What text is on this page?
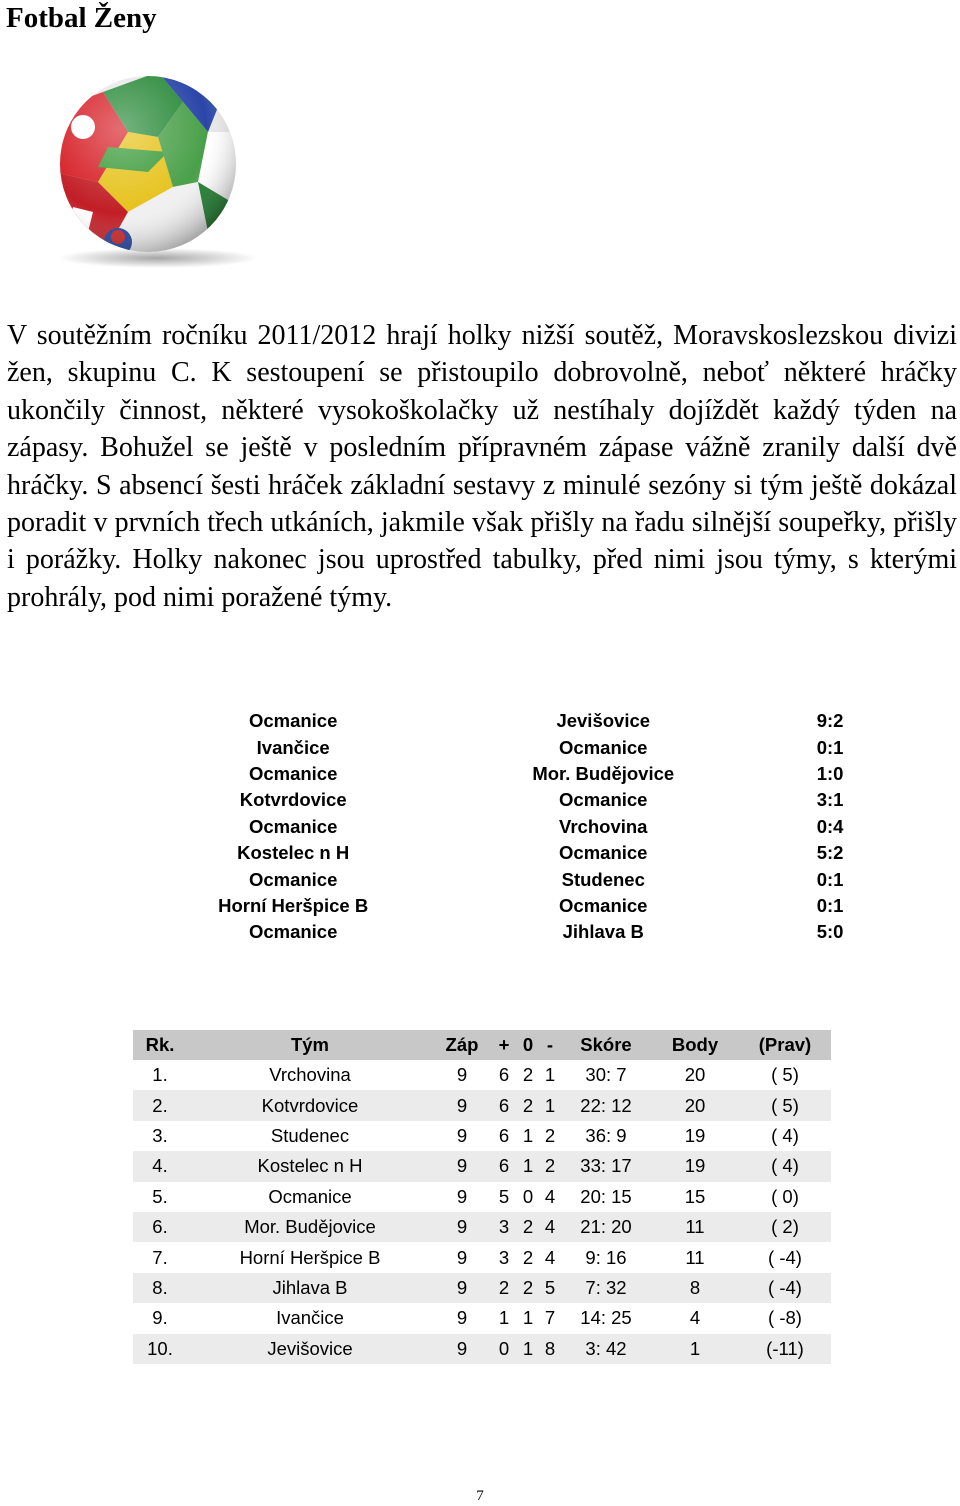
Fotbal Ženy

V soutěžním ročníku 2011/2012 hrají holky nižší soutěž, Moravskoslezskou divizi žen, skupinu C. K sestoupení se přistoupilo dobrovolně, neboť některé hráčky ukončily činnost, některé vysokoškolačky už nestíhaly dojíždět každý týden na zápasy. Bohužel se ještě v posledním přípravném zápase vážně zranily další dvě hráčky. S absencí šesti hráček základní sestavy z minulé sezóny si tým ještě dokázal poradit v prvních třech utkáních, jakmile však přišly na řadu silnější soupeřky, přišly i porážky. Holky nakonec jsou uprostřed tabulky, před nimi jsou týmy, s kterými prohrály, pod nimi poražené týmy.

Ocmanice	Jevišovice	9:2
Ivančice	Ocmanice	0:1
Ocmanice	Mor. Budějovice	1:0
Kotvrdovice	Ocmanice	3:1
Ocmanice	Vrchovina	0:4
Kostelec n H	Ocmanice	5:2
Ocmanice	Studenec	0:1
Horní Heršpice B	Ocmanice	0:1
Ocmanice	Jihlava B	5:0
Rk.	Tým	Záp	+	0	-	Skóre	Body	(Prav)
1.	Vrchovina	9	6	2	1	30: 7	20	( 5)
2.	Kotvrdovice	9	6	2	1	22: 12	20	( 5)
3.	Studenec	9	6	1	2	36: 9	19	( 4)
4.	Kostelec n H	9	6	1	2	33: 17	19	( 4)
5.	Ocmanice	9	5	0	4	20: 15	15	( 0)
6.	Mor. Budějovice	9	3	2	4	21: 20	11	( 2)
7.	Horní Heršpice B	9	3	2	4	9: 16	11	( -4)
8.	Jihlava B	9	2	2	5	7: 32	8	( -4)
9.	Ivančice	9	1	1	7	14: 25	4	( -8)
10.	Jevišovice	9	0	1	8	3: 42	1	(-11)
7
